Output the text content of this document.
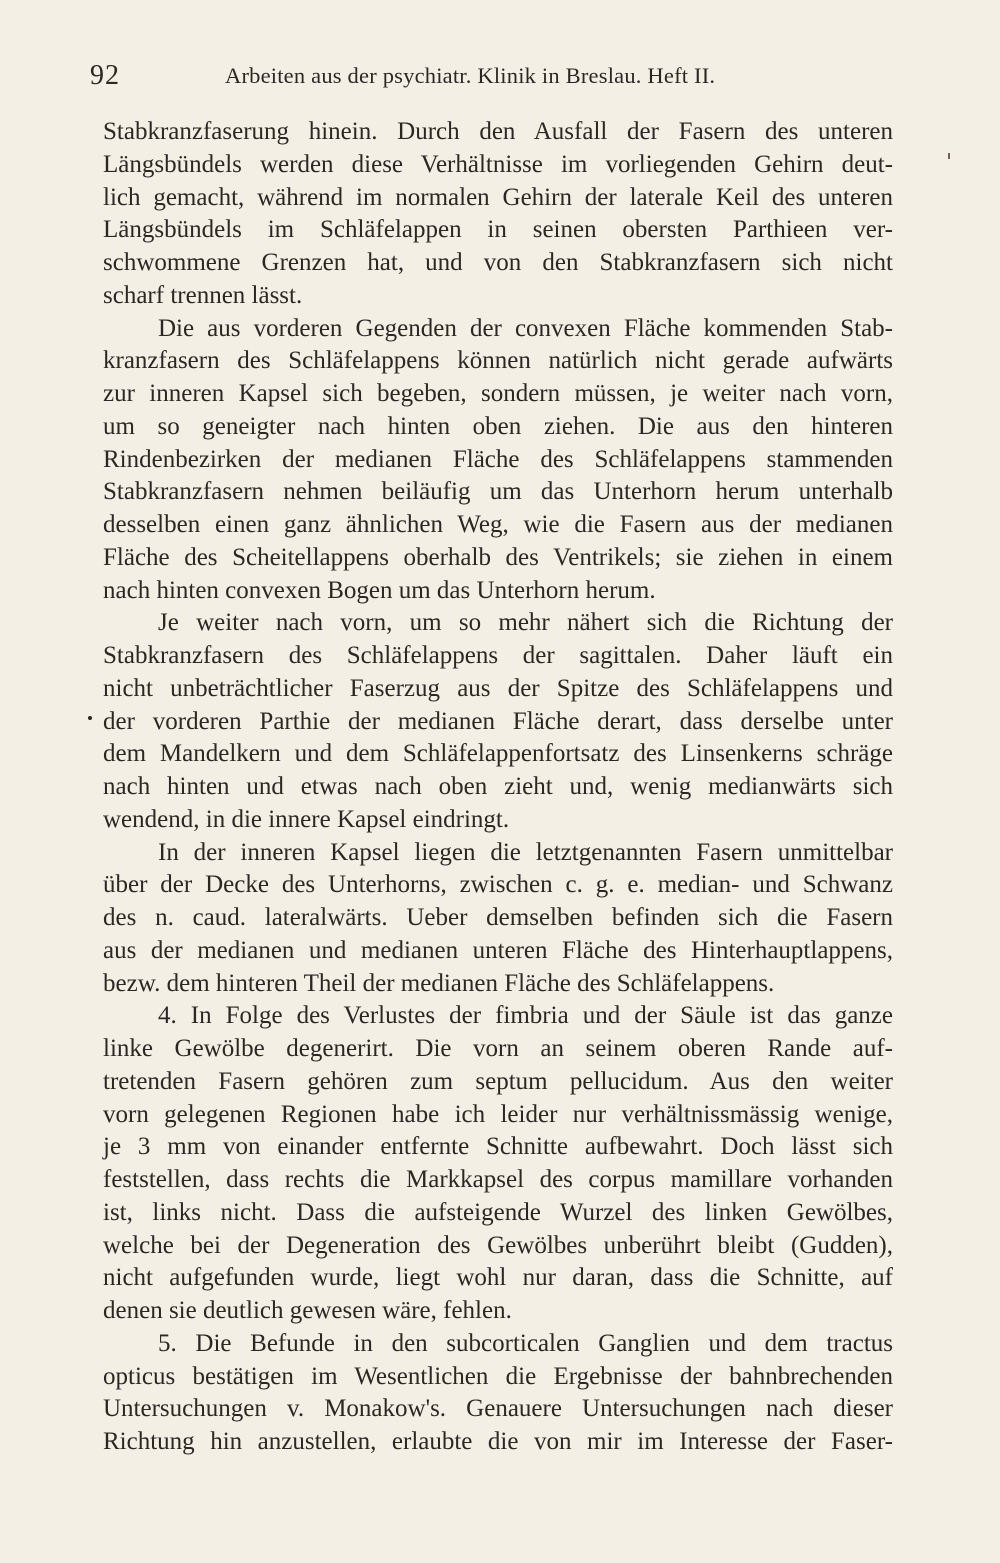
92	Arbeiten aus der psychiatr. Klinik in Breslau. Heft II.
Stabkranzfaserung hinein. Durch den Ausfall der Fasern des unteren
Längsbündels werden diese Verhältnisse im vorliegenden Gehirn deut-
lich gemacht, während im normalen Gehirn der laterale Keil des unteren
Längsbündels im Schläfelappen in seinen obersten Parthieen ver-
schwommene Grenzen hat, und von den Stabkranzfasern sich nicht
scharf trennen lässt.
Die aus vorderen Gegenden der convexen Fläche kommenden Stab-
kranzfasern des Schläfelappens können natürlich nicht gerade aufwärts
zur inneren Kapsel sich begeben, sondern müssen, je weiter nach vorn,
um so geneigter nach hinten oben ziehen. Die aus den hinteren
Rindenbezirken der medianen Fläche des Schläfelappens stammenden
Stabkranzfasern nehmen beiläufig um das Unterhorn herum unterhalb
desselben einen ganz ähnlichen Weg, wie die Fasern aus der medianen
Fläche des Scheitellappens oberhalb des Ventrikels; sie ziehen in einem
nach hinten convexen Bogen um das Unterhorn herum.
Je weiter nach vorn, um so mehr nähert sich die Richtung der
Stabkranzfasern des Schläfelappens der sagittalen. Daher läuft ein
nicht unbeträchtlicher Faserzug aus der Spitze des Schläfelappens und
der vorderen Parthie der medianen Fläche derart, dass derselbe unter
dem Mandelkern und dem Schläfelappenfortsatz des Linsenkerns schräge
nach hinten und etwas nach oben zieht und, wenig medianwärts sich
wendend, in die innere Kapsel eindringt.
In der inneren Kapsel liegen die letztgenannten Fasern unmittelbar
über der Decke des Unterhorns, zwischen c. g. e. median- und Schwanz
des n. caud. lateralwärts. Ueber demselben befinden sich die Fasern
aus der medianen und medianen unteren Fläche des Hinterhauptlappens,
bezw. dem hinteren Theil der medianen Fläche des Schläfelappens.
4. In Folge des Verlustes der fimbria und der Säule ist das ganze
linke Gewölbe degenerirt. Die vorn an seinem oberen Rande auf-
tretenden Fasern gehören zum septum pellucidum. Aus den weiter
vorn gelegenen Regionen habe ich leider nur verhältnissmässig wenige,
je 3 mm von einander entfernte Schnitte aufbewahrt. Doch lässt sich
feststellen, dass rechts die Markkapsel des corpus mamillare vorhanden
ist, links nicht. Dass die aufsteigende Wurzel des linken Gewölbes,
welche bei der Degeneration des Gewölbes unberührt bleibt (Gudden),
nicht aufgefunden wurde, liegt wohl nur daran, dass die Schnitte, auf
denen sie deutlich gewesen wäre, fehlen.
5. Die Befunde in den subcorticalen Ganglien und dem tractus
opticus bestätigen im Wesentlichen die Ergebnisse der bahnbrechenden
Untersuchungen v. Monakow's. Genauere Untersuchungen nach dieser
Richtung hin anzustellen, erlaubte die von mir im Interesse der Faser-
